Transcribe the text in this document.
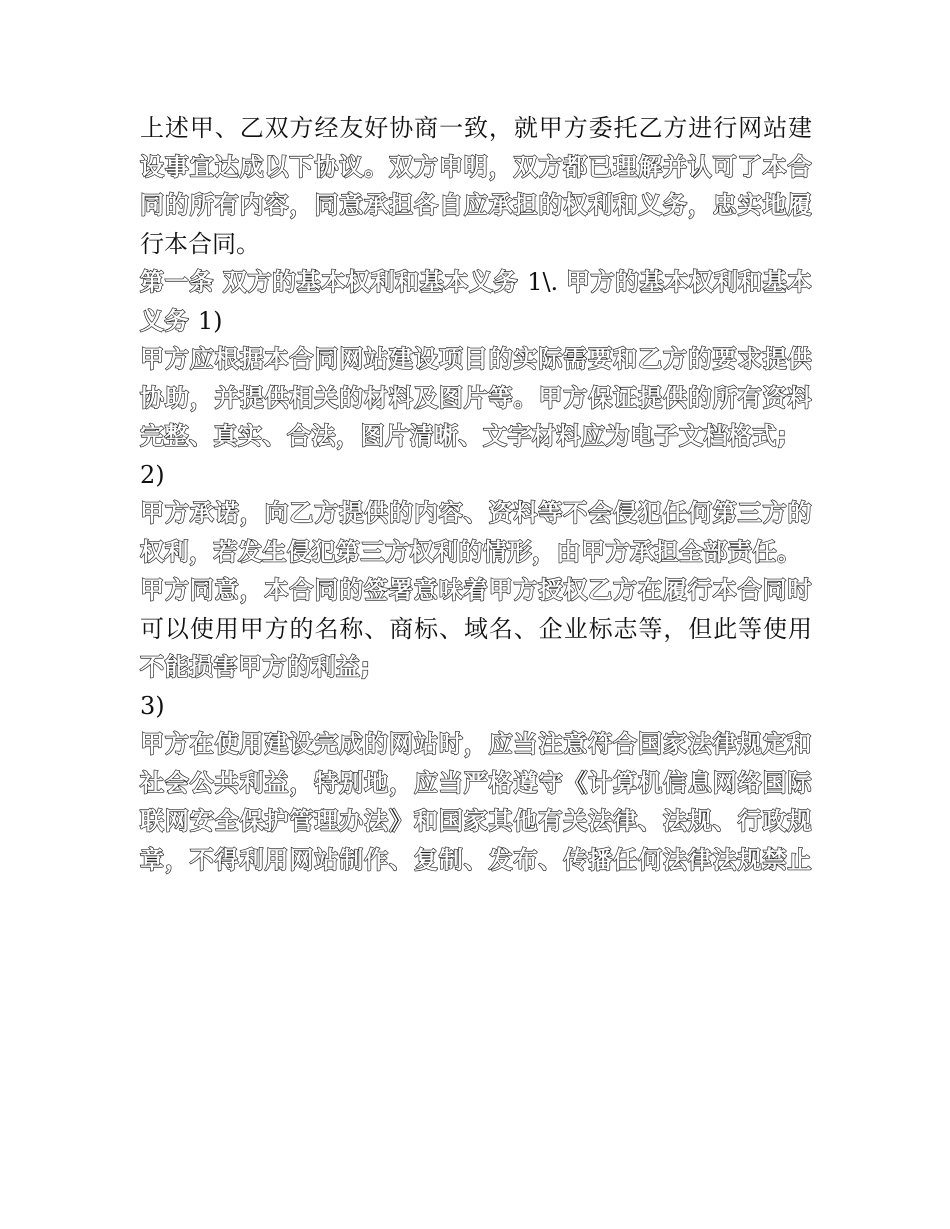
上述甲、乙双方经友好协商一致，就甲方委托乙方进行网站建
设事宜达成以下协议。双方申明，双方都已理解并认可了本合
同的所有内容，同意承担各自应承担的权利和义务，忠实地履
行本合同。
第一条 双方的基本权利和基本义务 1\. 甲方的基本权利和基本
义务 1)
甲方应根据本合同网站建设项目的实际需要和乙方的要求提供
协助，并提供相关的材料及图片等。甲方保证提供的所有资料
完整、真实、合法，图片清晰、文字材料应为电子文档格式;
2)
甲方承诺，向乙方提供的内容、资料等不会侵犯任何第三方的
权利，若发生侵犯第三方权利的情形，由甲方承担全部责任。
甲方同意，本合同的签署意味着甲方授权乙方在履行本合同时
可以使用甲方的名称、商标、域名、企业标志等，但此等使用
不能损害甲方的利益;
3)
甲方在使用建设完成的网站时，应当注意符合国家法律规定和
社会公共利益，特别地，应当严格遵守《计算机信息网络国际
联网安全保护管理办法》和国家其他有关法律、法规、行政规
章，不得利用网站制作、复制、发布、传播任何法律法规禁止
